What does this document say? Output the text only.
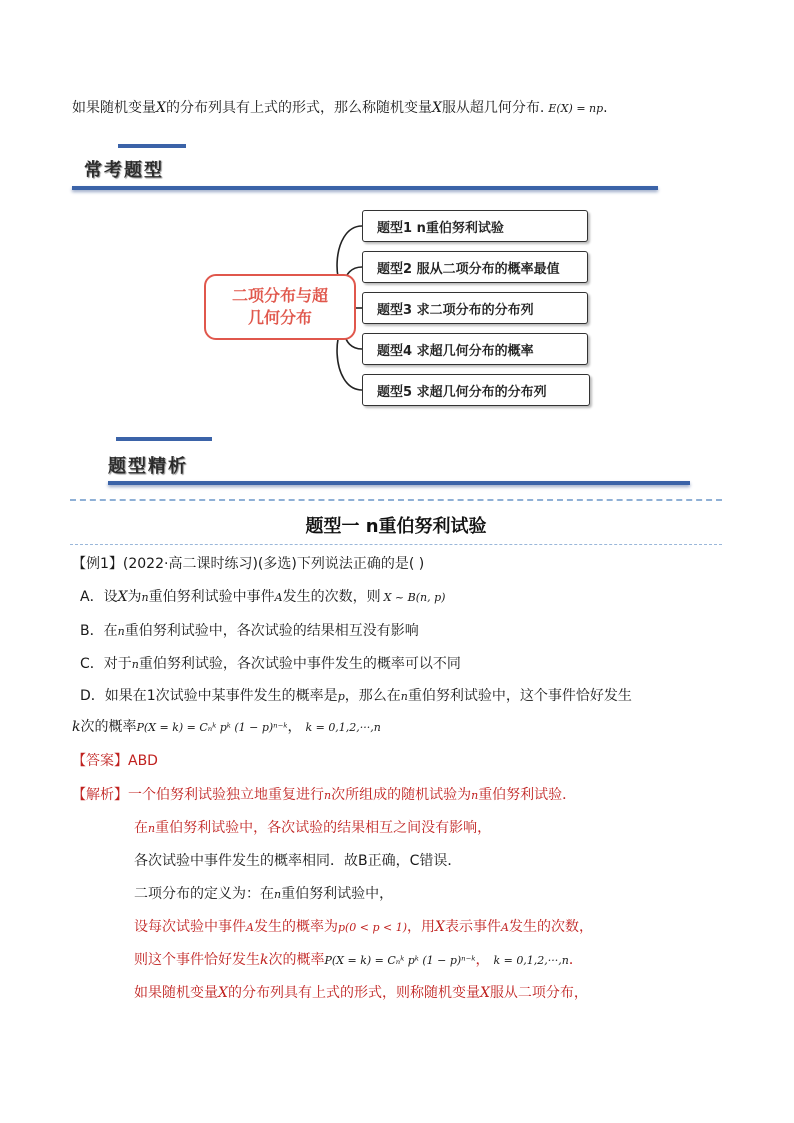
如果随机变量X的分布列具有上式的形式，那么称随机变量X服从超几何分布. E(X) = np.
常考题型
二项分布与超
几何分布
题型1 n重伯努利试验
题型2 服从二项分布的概率最值
题型3 求二项分布的分布列
题型4 求超几何分布的概率
题型5 求超几何分布的分布列
题型精析
题型一 n重伯努利试验
【例1】(2022·高二课时练习)(多选)下列说法正确的是( )
A．设X为n重伯努利试验中事件A发生的次数，则 X ~ B(n, p)
B．在n重伯努利试验中，各次试验的结果相互没有影响
C．对于n重伯努利试验，各次试验中事件发生的概率可以不同
D．如果在1次试验中某事件发生的概率是p，那么在n重伯努利试验中，这个事件恰好发生
k次的概率P(X = k) = Cₙᵏ pᵏ (1 − p)ⁿ⁻ᵏ， k = 0,1,2,···,n
【答案】ABD
【解析】一个伯努利试验独立地重复进行n次所组成的随机试验为n重伯努利试验．
在n重伯努利试验中，各次试验的结果相互之间没有影响，
各次试验中事件发生的概率相同．故B正确，C错误．
二项分布的定义为：在n重伯努利试验中，
设每次试验中事件A发生的概率为p(0 < p < 1)，用X表示事件A发生的次数，
则这个事件恰好发生k次的概率P(X = k) = Cₙᵏ pᵏ (1 − p)ⁿ⁻ᵏ， k = 0,1,2,···,n．
如果随机变量X的分布列具有上式的形式，则称随机变量X服从二项分布，
